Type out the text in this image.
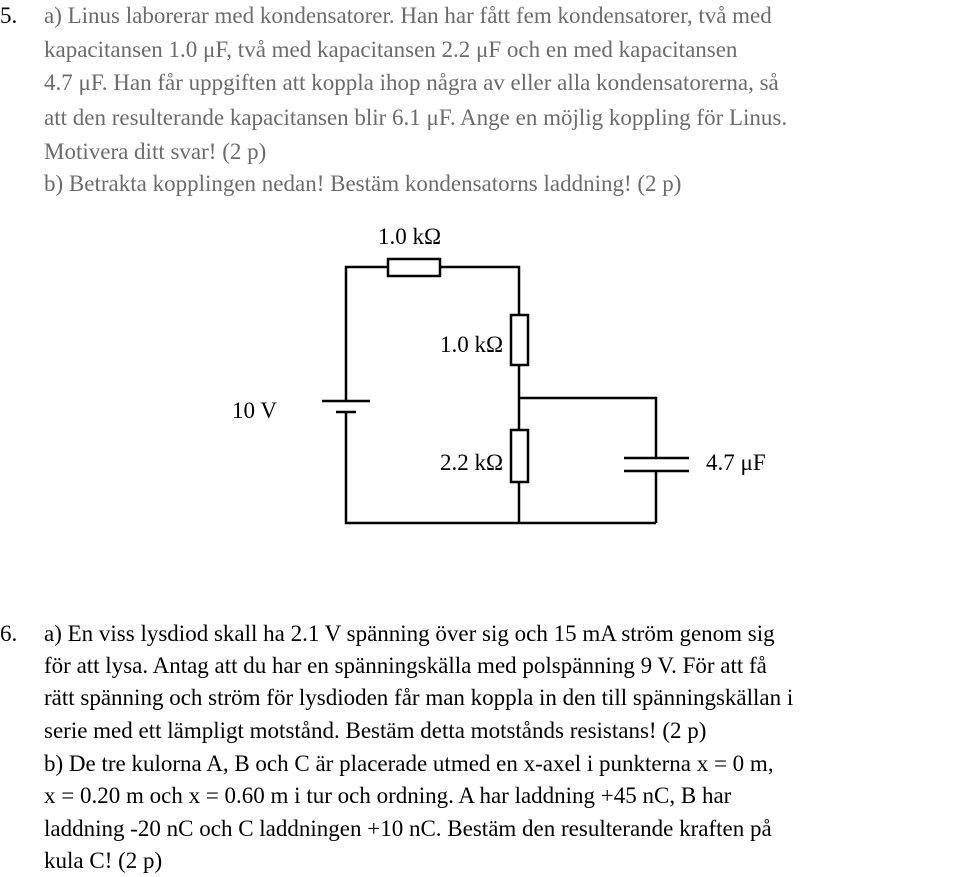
5. a) Linus laborerar med kondensatorer. Han har fått fem kondensatorer, två med
kapacitansen 1.0 μF, två med kapacitansen 2.2 μF och en med kapacitansen
4.7 μF. Han får uppgiften att koppla ihop några av eller alla kondensatorerna, så
att den resulterande kapacitansen blir 6.1 μF. Ange en möjlig koppling för Linus.
Motivera ditt svar! (2 p)
b) Betrakta kopplingen nedan! Bestäm kondensatorns laddning! (2 p)
1.0 kΩ
1.0 kΩ
10 V
2.2 kΩ	4.7 μF
6. a) En viss lysdiod skall ha 2.1 V spänning över sig och 15 mA ström genom sig
för att lysa. Antag att du har en spänningskälla med polspänning 9 V. För att få
rätt spänning och ström för lysdioden får man koppla in den till spänningskällan i
serie med ett lämpligt motstånd. Bestäm detta motstånds resistans! (2 p)
b) De tre kulorna A, B och C är placerade utmed en x-axel i punkterna x = 0 m,
x = 0.20 m och x = 0.60 m i tur och ordning. A har laddning +45 nC, B har
laddning -20 nC och C laddningen +10 nC. Bestäm den resulterande kraften på
kula C! (2 p)
